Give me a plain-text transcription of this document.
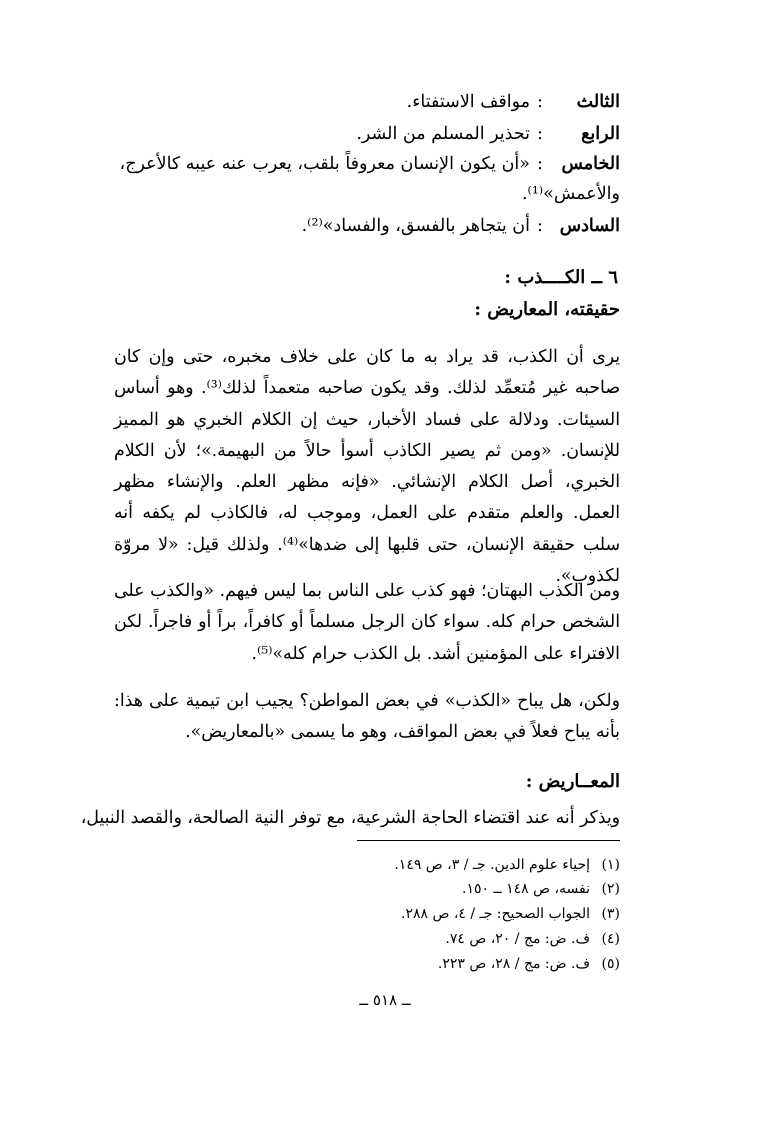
الثالث:مواقف الاستفتاء.

الرابع:تحذير المسلم من الشر.

الخامس:«أن يكون الإنسان معروفاً بلقب، يعرب عنه عيبه كالأعرج،

والأعمش»⁽¹⁾.

السادس:أن يتجاهر بالفسق، والفساد»⁽²⁾.

٦ ــ الكــــذب :

حقيقته، المعاريض :

يرى أن الكذب، قد يراد به ما كان على خلاف مخبره، حتى وإن كان صاحبه غير مُتعمِّد لذلك. وقد يكون صاحبه متعمداً لذلك⁽³⁾. وهو أساس السيئات. ودلالة على فساد الأخبار، حيث إن الكلام الخبري هو المميز للإنسان. «ومن ثم يصير الكاذب أسوأ حالاً من البهيمة.»؛ لأن الكلام الخبري، أصل الكلام الإنشائي. «فإنه مظهر العلم. والإنشاء مظهر العمل. والعلم متقدم على العمل، وموجب له، فالكاذب لم يكفه أنه سلب حقيقة الإنسان، حتى قلبها إلى ضدها»⁽⁴⁾. ولذلك قيل: «لا مروّة لكذوب».

ومن الكذب البهتان؛ فهو كذب على الناس بما ليس فيهم. «والكذب على الشخص حرام كله. سواء كان الرجل مسلماً أو كافراً، براً أو فاجراً. لكن الافتراء على المؤمنين أشد. بل الكذب حرام كله»⁽⁵⁾.

ولكن، هل يباح «الكذب» في بعض المواطن؟ يجيب ابن تيمية على هذا: بأنه يباح فعلاً في بعض المواقف، وهو ما يسمى «بالمعاريض».

المعــاريض :

ويذكر أنه عند اقتضاء الحاجة الشرعية، مع توفر النية الصالحة، والقصد النبيل،

(١)إحياء علوم الدين. جـ / ٣، ص ١٤٩.

(٢)نفسه، ص ١٤٨ ــ ١٥٠.

(٣)الجواب الصحيح: جـ / ٤، ص ٢٨٨.

(٤)ف. ض: مج / ٢٠، ص ٧٤.

(٥)ف. ض: مج / ٢٨، ص ٢٢٣.

ــ ٥١٨ ــ
